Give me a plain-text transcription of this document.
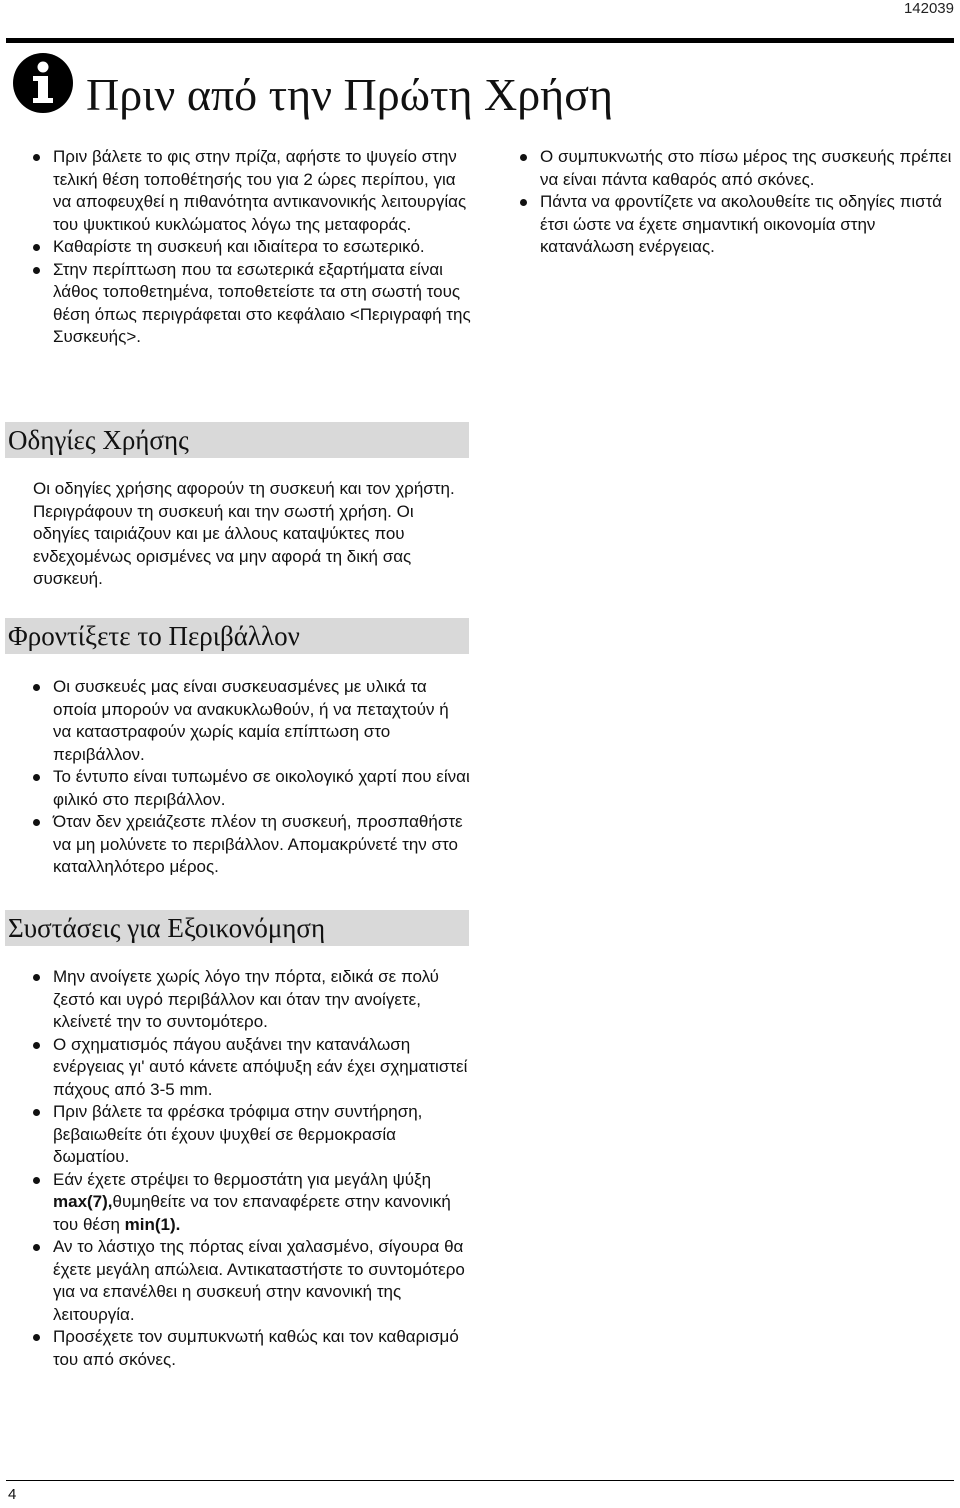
142039
Πριν από την Πρώτη Χρήση
Πριν βάλετε το φις στην πρίζα, αφήστε το ψυγείο στην τελική θέση τοποθέτησής του για 2 ώρες περίπου, για να αποφευχθεί η πιθανότητα αντικανονικής λειτουργίας του ψυκτικού κυκλώματος λόγω της μεταφοράς.
Καθαρίστε τη συσκευή και ιδιαίτερα το εσωτερικό.
Στην περίπτωση που τα εσωτερικά εξαρτήματα είναι λάθος τοποθετημένα, τοποθετείστε τα στη σωστή τους θέση όπως περιγράφεται στο κεφάλαιο <Περιγραφή της Συσκευής>.
Ο συμπυκνωτής στο πίσω μέρος της συσκευής πρέπει να είναι πάντα καθαρός από σκόνες.
Πάντα να φροντίζετε να ακολουθείτε τις οδηγίες πιστά έτσι ώστε να έχετε σημαντική οικονομία στην κατανάλωση ενέργειας.
Οδηγίες Χρήσης
Οι οδηγίες χρήσης αφορούν τη συσκευή και τον χρήστη. Περιγράφουν τη συσκευή και την σωστή χρήση. Οι οδηγίες ταιριάζουν και με άλλους καταψύκτες που ενδεχομένως ορισμένες να μην αφορά τη δική σας συσκευή.
Φροντίξετε το Περιβάλλον
Οι συσκευές μας είναι συσκευασμένες με υλικά τα οποία μπορούν να ανακυκλωθούν, ή να πεταχτούν ή να καταστραφούν χωρίς καμία επίπτωση στο περιβάλλον.
Το έντυπο είναι τυπωμένο σε οικολογικό χαρτί που είναι φιλικό στο περιβάλλον.
Όταν δεν χρειάζεστε πλέον τη συσκευή, προσπαθήστε να μη μολύνετε το περιβάλλον. Απομακρύνετέ την στο καταλληλότερο μέρος.
Συστάσεις για Εξοικονόμηση
Μην ανοίγετε χωρίς λόγο την πόρτα, ειδικά σε πολύ ζεστό και υγρό περιβάλλον και όταν την ανοίγετε, κλείνετέ την το συντομότερο.
Ο σχηματισμός πάγου αυξάνει την κατανάλωση ενέργειας γι' αυτό κάνετε απόψυξη εάν έχει σχηματιστεί πάχους από 3-5 mm.
Πριν βάλετε τα φρέσκα τρόφιμα στην συντήρηση, βεβαιωθείτε ότι έχουν ψυχθεί σε θερμοκρασία δωματίου.
Εάν έχετε στρέψει το θερμοστάτη για μεγάλη ψύξη max(7),θυμηθείτε να τον επαναφέρετε στην κανονική του θέση min(1).
Αν το λάστιχο της πόρτας είναι χαλασμένο, σίγουρα θα έχετε μεγάλη απώλεια. Αντικαταστήστε το συντομότερο για να επανέλθει η συσκευή στην κανονική της λειτουργία.
Προσέχετε τον συμπυκνωτή καθώς και τον καθαρισμό του από σκόνες.
4
